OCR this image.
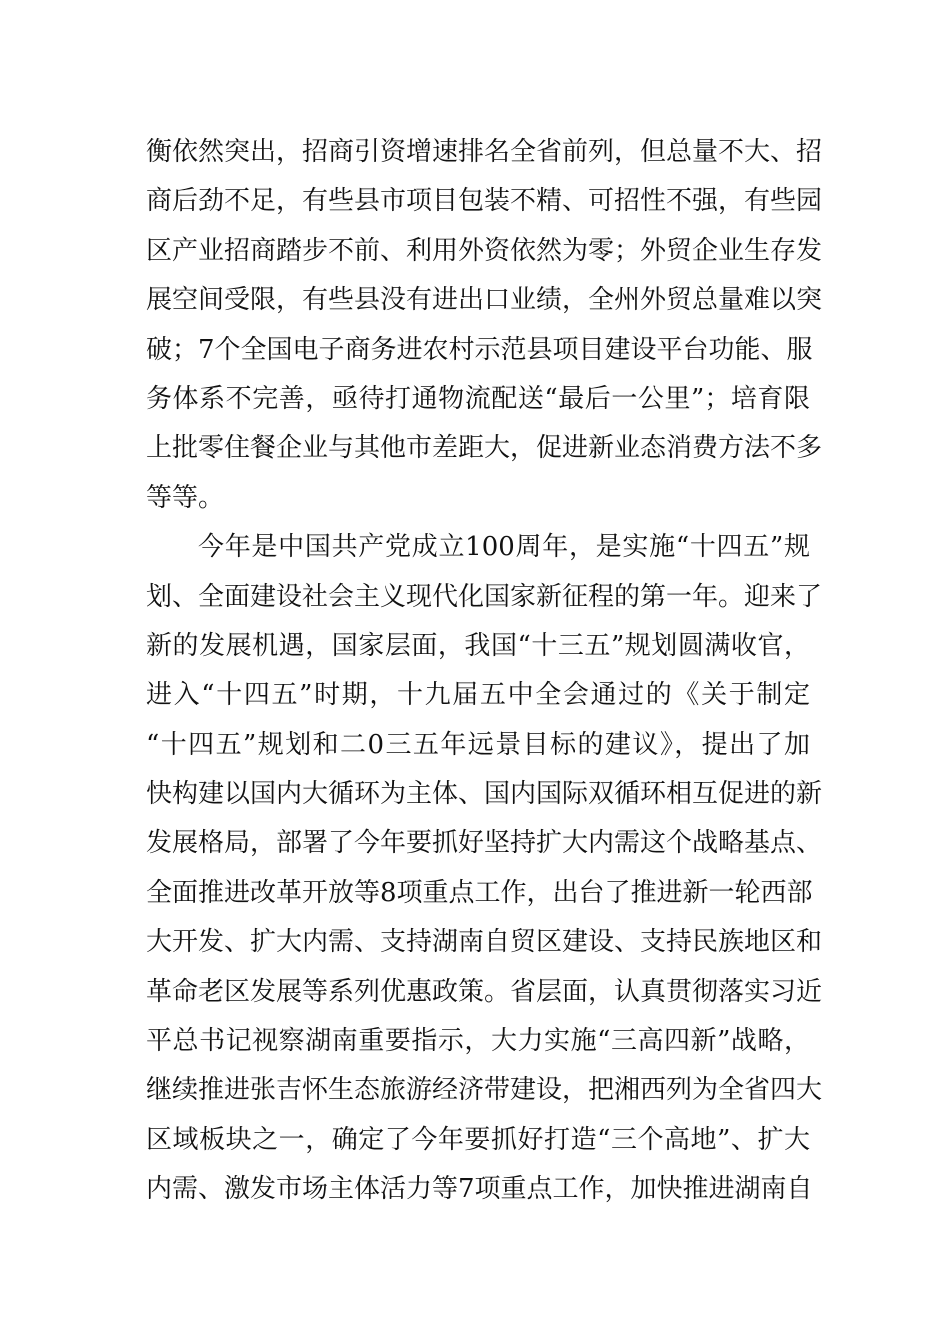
衡依然突出，招商引资增速排名全省前列，但总量不大、招
商后劲不足，有些县市项目包装不精、可招性不强，有些园
区产业招商踏步不前、利用外资依然为零；外贸企业生存发
展空间受限，有些县没有进出口业绩，全州外贸总量难以突
破；7个全国电子商务进农村示范县项目建设平台功能、服
务体系不完善，亟待打通物流配送“最后一公里”；培育限
上批零住餐企业与其他市差距大，促进新业态消费方法不多
等等。
今年是中国共产党成立100周年，是实施“十四五”规
划、全面建设社会主义现代化国家新征程的第一年。迎来了
新的发展机遇，国家层面，我国“十三五”规划圆满收官，
进入“十四五”时期，十九届五中全会通过的《关于制定
“十四五”规划和二0三五年远景目标的建议》，提出了加
快构建以国内大循环为主体、国内国际双循环相互促进的新
发展格局，部署了今年要抓好坚持扩大内需这个战略基点、
全面推进改革开放等8项重点工作，出台了推进新一轮西部
大开发、扩大内需、支持湖南自贸区建设、支持民族地区和
革命老区发展等系列优惠政策。省层面，认真贯彻落实习近
平总书记视察湖南重要指示，大力实施“三高四新”战略，
继续推进张吉怀生态旅游经济带建设，把湘西列为全省四大
区域板块之一，确定了今年要抓好打造“三个高地”、扩大
内需、激发市场主体活力等7项重点工作，加快推进湖南自
